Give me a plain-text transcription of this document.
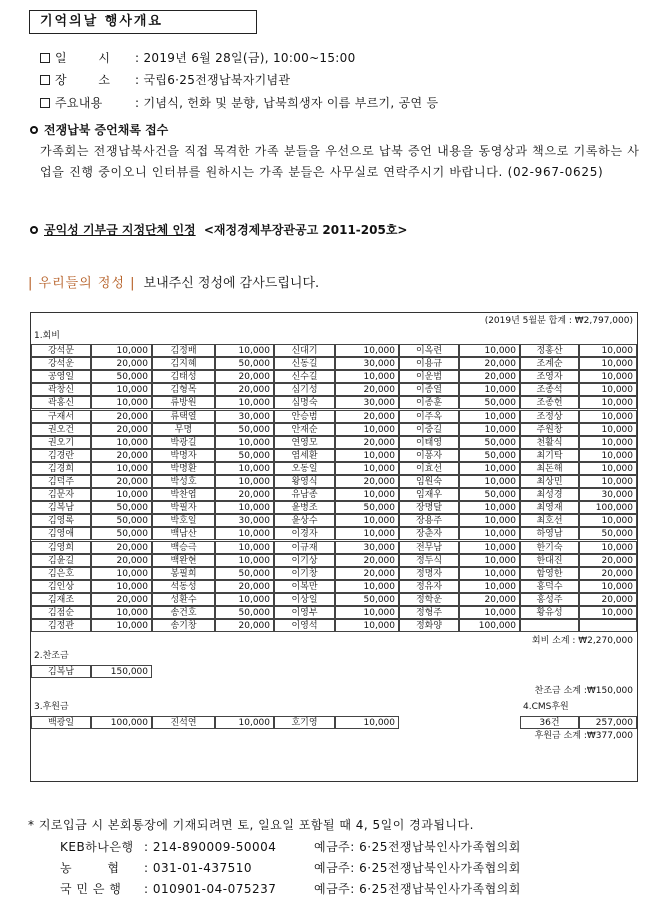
기억의날 행사개요
일 시 : 2019년 6월 28일(금), 10:00~15:00
장 소 : 국립6·25전쟁납북자기념관
주요내용	: 기념식, 헌화 및 분향, 납북희생자 이름 부르기, 공연 등
전쟁납북 증언채록 접수
가족회는 전쟁납북사건을 직접 목격한 가족 분들을 우선으로 납북 증언 내용을 동영상과 책으로 기록하는 사업을 진행 중이오니 인터뷰를 원하시는 가족 분들은 사무실로 연락주시기 바랍니다. (02-967-0625)
공익성 기부금 지정단체 인정 <재정경제부장관공고 2011-205호>
| 우리들의 정성 | 보내주신 정성에 감사드립니다.
(2019년 5월분 합계 : ₩2,797,000)
1.회비
강석문	10,000	김정배	10,000	신대기	10,000	이옥련	10,000	정홍산	10,000
강석운	20,000	김지혜	50,000	신동길	30,000	이용규	20,000	조계순	10,000
공영일	50,000	김태성	20,000	신수길	10,000	이운범	20,000	조영자	10,000
곽창신	10,000	김형목	20,000	심기성	20,000	이종열	10,000	조종석	10,000
곽홍신	10,000	류방원	10,000	심명숙	30,000	이종훈	50,000	조종헌	10,000
구재서	20,000	류택열	30,000	안승범	20,000	이주옥	10,000	조정상	10,000
권오건	20,000	무명	50,000	안재순	10,000	이중길	10,000	주원창	10,000
권오기	10,000	박광길	10,000	연영모	20,000	이태영	50,000	천활식	10,000
김경란	20,000	박명자	50,000	염세환	10,000	이퐁자	50,000	최기탁	10,000
김경희	10,000	박명환	10,000	오동일	10,000	이효선	10,000	최돈해	10,000
김덕주	20,000	박성호	10,000	왕영식	20,000	임원숙	10,000	최상민	10,000
김문자	10,000	박찬엽	20,000	유남종	10,000	임재우	50,000	최성경	30,000
김복남	50,000	박필자	10,000	윤병조	50,000	장명달	10,000	최영재	100,000
김영록	50,000	박호일	30,000	윤상수	10,000	장용주	10,000	최호선	10,000
김영애	50,000	백남산	10,000	이경자	10,000	장춘자	10,000	하영남	50,000
김영희	20,000	백승극	10,000	이규재	30,000	전무남	10,000	한기숙	10,000
김윤길	20,000	백완현	10,000	이기상	20,000	정두식	10,000	한대진	20,000
김은호	10,000	봉필희	50,000	이기창	20,000	정명자	10,000	함영한	20,000
김인상	10,000	석동성	20,000	이복만	10,000	정유자	10,000	홍덕수	10,000
김재조	20,000	성환수	10,000	이상일	50,000	정학운	20,000	홍성주	20,000
김점순	10,000	송건호	50,000	이영부	10,000	정형주	10,000	황유성	10,000
김정관	10,000	송기창	20,000	이영석	10,000	정화양	100,000
회비 소계 : ₩2,270,000
2.찬조금
김복남	150,000
찬조금 소계 :₩150,000
3.후원금	4.CMS후원
백광일	100,000	진석연	10,000	호기영	10,000	36건	257,000
후원금 소계 :₩377,000
* 지로입금 시 본회통장에 기재되려면 토, 일요일 포함될 때 4, 5일이 경과됩니다.
KEB하나은행 : 214-890009-50004	예금주: 6·25전쟁납북인사가족협의회
농 협 : 031-01-437510	예금주: 6·25전쟁납북인사가족협의회
국 민 은 행 : 010901-04-075237	예금주: 6·25전쟁납북인사가족협의회
